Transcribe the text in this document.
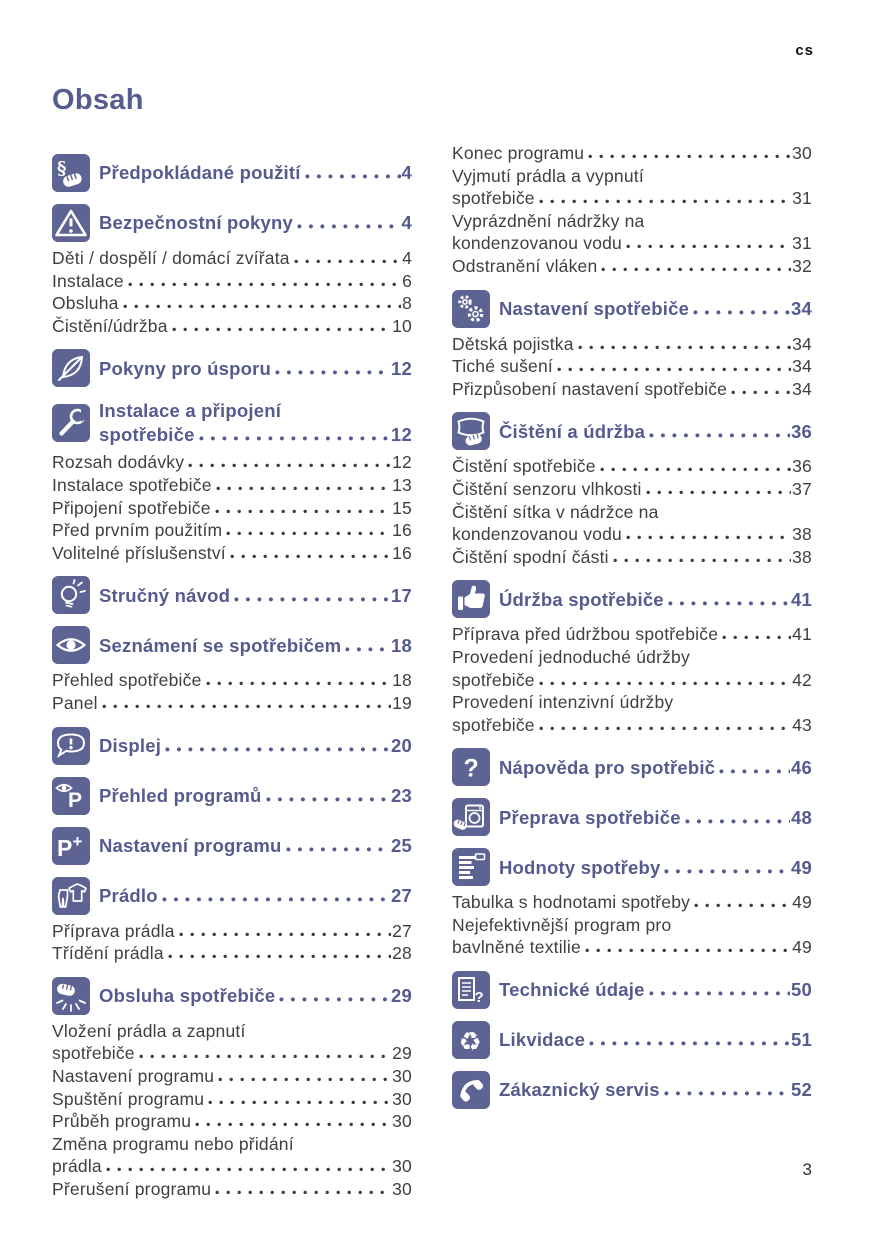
cs
Obsah
§ Předpokládané použití	4
Bezpečnostní pokyny	4
Děti / dospělí / domácí zvířata	4
Instalace	6
Obsluha	8
Čistění/údržba	10
Pokyny pro úsporu	12
Instalace a připojení
spotřebiče	12
Rozsah dodávky	12
Instalace spotřebiče	13
Připojení spotřebiče	15
Před prvním použitím	16
Volitelné příslušenství	16
Stručný návod	17
Seznámení se spotřebičem	18
Přehled spotřebiče	18
Panel	19
Displej	20
P Přehled programů	23
P + Nastavení programu	25
Prádlo	27
Příprava prádla	27
Třídění prádla	28
Obsluha spotřebiče	29
Vložení prádla a zapnutí
spotřebiče	29
Nastavení programu	30
Spuštění programu	30
Průběh programu	30
Změna programu nebo přidání
prádla	30
Přerušení programu	30
Konec programu	30
Vyjmutí prádla a vypnutí
spotřebiče	31
Vyprázdnění nádržky na
kondenzovanou vodu	31
Odstranění vláken	32
Nastavení spotřebiče	34
Dětská pojistka	34
Tiché sušení	34
Přizpůsobení nastavení spotřebiče	34
Čištění a údržba	36
Čistění spotřebiče	36
Čištění senzoru vlhkosti	37
Čištění sítka v nádržce na
kondenzovanou vodu	38
Čištění spodní části	38
Údržba spotřebiče	41
Příprava před údržbou spotřebiče	41
Provedení jednoduché údržby
spotřebiče	42
Provedení intenzivní údržby
spotřebiče	43
? Nápověda pro spotřebič	46
Přeprava spotřebiče	48
Hodnoty spotřeby	49
Tabulka s hodnotami spotřeby	49
Nejefektivnější program pro
bavlněné textilie	49
? Technické údaje	50
♻ Likvidace	51
Zákaznický servis	52
3
